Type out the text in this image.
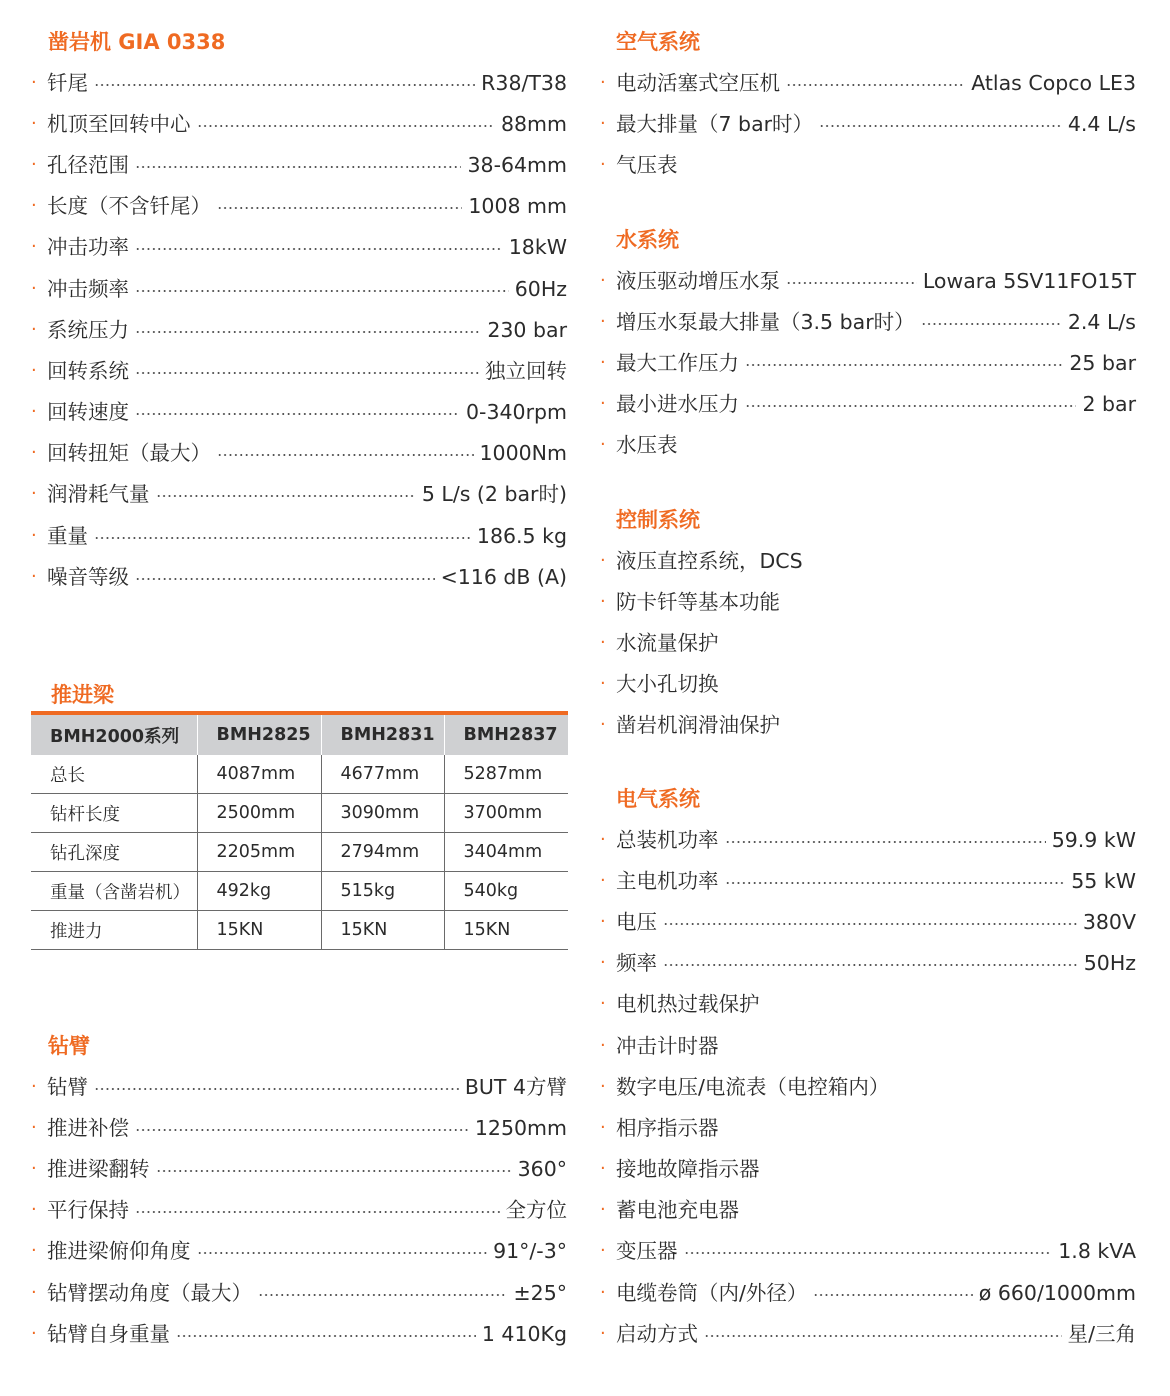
凿岩机 GIA 0338
· 钎尾	R38/T38
· 机顶至回转中心	88mm
· 孔径范围	38-64mm
· 长度（不含钎尾）	1008 mm
· 冲击功率	18kW
· 冲击频率	60Hz
· 系统压力	230 bar
· 回转系统	独立回转
· 回转速度	0-340rpm
· 回转扭矩（最大）	1000Nm
· 润滑耗气量	5 L/s (2 bar时)
· 重量	186.5 kg
· 噪音等级	<116 dB (A)
推进梁
BMH2000系列	BMH2825	BMH2831	BMH2837
总长	4087mm	4677mm	5287mm
钻杆长度	2500mm	3090mm	3700mm
钻孔深度	2205mm	2794mm	3404mm
重量（含凿岩机）	492kg	515kg	540kg
推进力	15KN	15KN	15KN
钻臂
· 钻臂	BUT 4方臂
· 推进补偿	1250mm
· 推进梁翻转	360°
· 平行保持	全方位
· 推进梁俯仰角度	91°/-3°
· 钻臂摆动角度（最大）	±25°
· 钻臂自身重量	1 410Kg
空气系统
· 电动活塞式空压机	Atlas Copco LE3
· 最大排量（7 bar时）	4.4 L/s
· 气压表
水系统
· 液压驱动增压水泵	Lowara 5SV11FO15T
· 增压水泵最大排量（3.5 bar时）	2.4 L/s
· 最大工作压力	25 bar
· 最小进水压力	2 bar
· 水压表
控制系统
· 液压直控系统，DCS
· 防卡钎等基本功能
· 水流量保护
· 大小孔切换
· 凿岩机润滑油保护
电气系统
· 总装机功率	59.9 kW
· 主电机功率	55 kW
· 电压	380V
· 频率	50Hz
· 电机热过载保护
· 冲击计时器
· 数字电压/电流表（电控箱内）
· 相序指示器
· 接地故障指示器
· 蓄电池充电器
· 变压器	1.8 kVA
· 电缆卷筒（内/外径）	ø 660/1000mm
· 启动方式	星/三角
